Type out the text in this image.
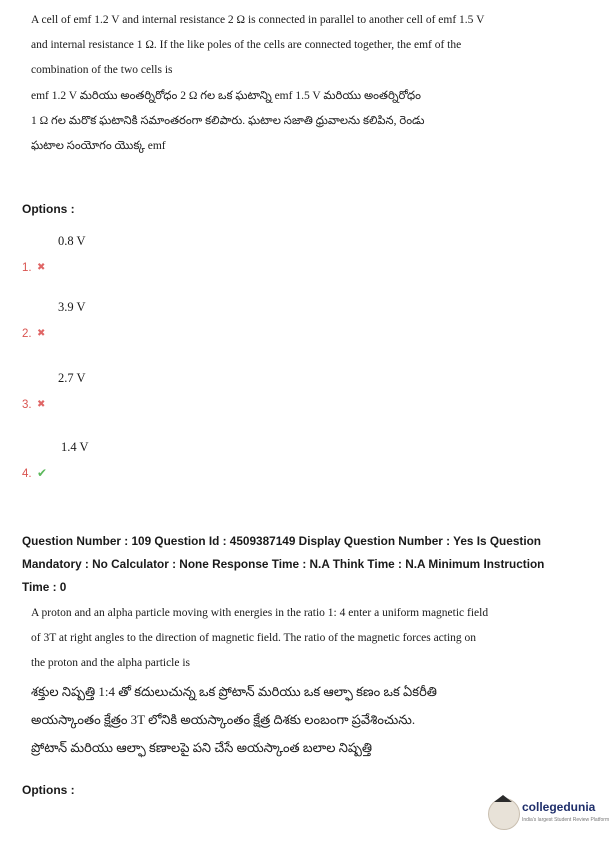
A cell of emf 1.2 V and internal resistance 2 Ω is connected in parallel to another cell of emf 1.5 V
and internal resistance 1 Ω. If the like poles of the cells are connected together, the emf of the
combination of the two cells is
emf 1.2 V మరియు అంతర్నిరోధం 2 Ω గల ఒక ఘటాన్ని emf 1.5 V మరియు అంతర్నిరోధం
1 Ω గల మరొక ఘటానికి సమాంతరంగా కలిపారు. ఘటాల సజాతి ధ్రువాలను కలిపిన, రెండు
ఘటాల సంయోగం యొక్క emf
Options :
1. ✖
0.8 V
2. ✖
3.9 V
3. ✖
2.7 V
4. ✔
1.4 V
Question Number : 109 Question Id : 4509387149 Display Question Number : Yes Is Question
Mandatory : No Calculator : None Response Time : N.A Think Time : N.A Minimum Instruction
Time : 0
A proton and an alpha particle moving with energies in the ratio 1: 4 enter a uniform magnetic field
of 3T at right angles to the direction of magnetic field. The ratio of the magnetic forces acting on
the proton and the alpha particle is
శక్తుల నిష్పత్తి 1:4 తో కదులుచున్న ఒక ప్రోటాన్ మరియు ఒక ఆల్ఫా కణం ఒక ఏకరీతి
అయస్కాంతం క్షేత్రం 3T లోనికి అయస్కాంతం క్షేత్ర దిశకు లంబంగా ప్రవేశించును.
ప్రోటాన్ మరియు ఆల్ఫా కణాలపై పని చేసే అయస్కాంత బలాల నిష్పత్తి
Options :
collegedunia
India's largest Student Review Platform
